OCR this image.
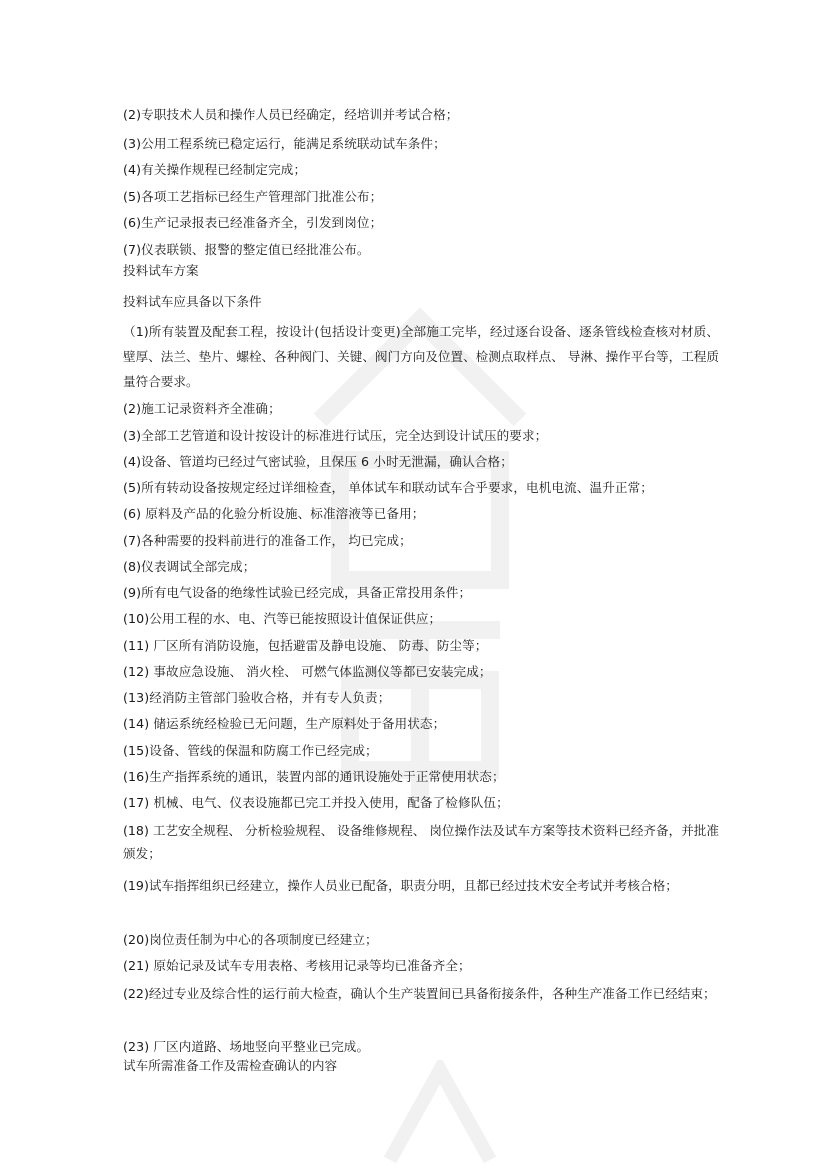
(2)专职技术人员和操作人员已经确定，经培训并考试合格；
(3)公用工程系统已稳定运行，能满足系统联动试车条件；
(4)有关操作规程已经制定完成；
(5)各项工艺指标已经生产管理部门批准公布；
(6)生产记录报表已经准备齐全，引发到岗位；
(7)仪表联锁、报警的整定值已经批准公布。
投料试车方案
投料试车应具备以下条件
（1)所有装置及配套工程，按设计(包括设计变更)全部施工完毕，经过逐台设备、逐条管线检查核对材质、壁厚、法兰、垫片、螺栓、各种阀门、关键、阀门方向及位置、检测点取样点、 导淋、操作平台等，工程质量符合要求。
(2)施工记录资料齐全准确；
(3)全部工艺管道和设计按设计的标准进行试压，完全达到设计试压的要求；
(4)设备、管道均已经过气密试验，且保压 6 小时无泄漏，确认合格；
(5)所有转动设备按规定经过详细检查， 单体试车和联动试车合乎要求，电机电流、温升正常；
(6) 原料及产品的化验分析设施、标准溶液等已备用；
(7)各种需要的投料前进行的准备工作， 均已完成；
(8)仪表调试全部完成；
(9)所有电气设备的绝缘性试验已经完成，具备正常投用条件；
(10)公用工程的水、电、汽等已能按照设计值保证供应；
(11) 厂区所有消防设施，包括避雷及静电设施、 防毒、防尘等；
(12) 事故应急设施、 消火栓、 可燃气体监测仪等都已安装完成；
(13)经消防主管部门验收合格，并有专人负责；
(14) 储运系统经检验已无问题，生产原料处于备用状态；
(15)设备、管线的保温和防腐工作已经完成；
(16)生产指挥系统的通讯，装置内部的通讯设施处于正常使用状态；
(17) 机械、电气、仪表设施都已完工并投入使用，配备了检修队伍；
(18) 工艺安全规程、 分析检验规程、 设备维修规程、 岗位操作法及试车方案等技术资料已经齐备，并批准颁发；
(19)试车指挥组织已经建立，操作人员业已配备，职责分明，且都已经过技术安全考试并考核合格；
(20)岗位责任制为中心的各项制度已经建立；
(21) 原始记录及试车专用表格、考核用记录等均已准备齐全；
(22)经过专业及综合性的运行前大检查，确认个生产装置间已具备衔接条件，各种生产准备工作已经结束；
(23) 厂区内道路、场地竖向平整业已完成。
试车所需准备工作及需检查确认的内容
